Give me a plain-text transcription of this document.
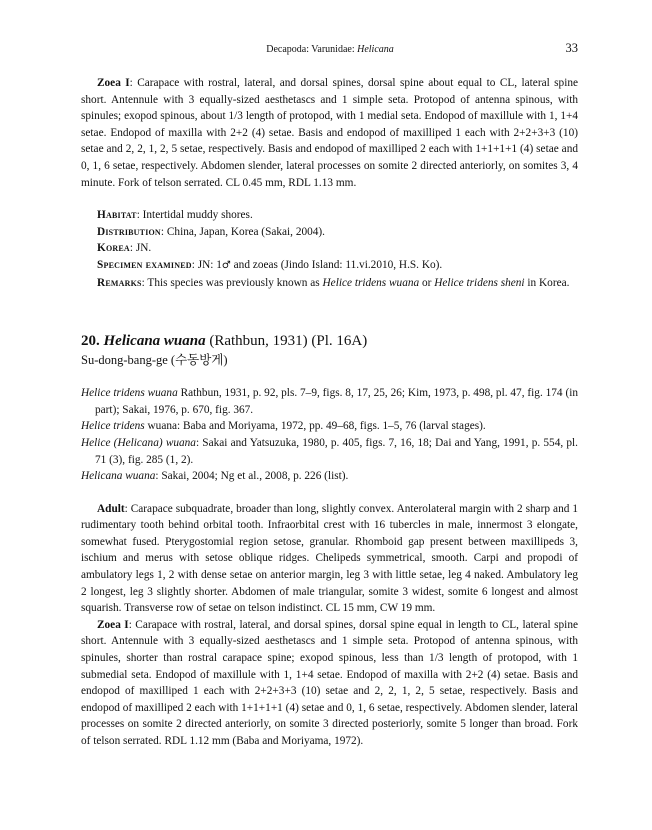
Decapoda: Varunidae: Helicana	33

Zoea I: Carapace with rostral, lateral, and dorsal spines, dorsal spine about equal to CL, lateral spine short. Antennule with 3 equally-sized aesthetascs and 1 simple seta. Protopod of antenna spinous, with spinules; exopod spinous, about 1/3 length of protopod, with 1 medial seta. Endopod of maxillule with 1, 1+4 setae. Endopod of maxilla with 2+2 (4) setae. Basis and endopod of maxilliped 1 each with 2+2+3+3 (10) setae and 2, 2, 1, 2, 5 setae, respectively. Basis and endopod of maxilliped 2 each with 1+1+1+1 (4) setae and 0, 1, 6 setae, respectively. Abdomen slender, lateral processes on somite 2 directed anteriorly, on somites 3, 4 minute. Fork of telson serrated. CL 0.45 mm, RDL 1.13 mm.

Habitat: Intertidal muddy shores.

Distribution: China, Japan, Korea (Sakai, 2004).

Korea: JN.

Specimen examined: JN: 1♂ and zoeas (Jindo Island: 11.vi.2010, H.S. Ko).

Remarks: This species was previously known as Helice tridens wuana or Helice tridens sheni in Korea.

20. Helicana wuana (Rathbun, 1931) (Pl. 16A)

Su-dong-bang-ge (수동방게)

Helice tridens wuana Rathbun, 1931, p. 92, pls. 7–9, figs. 8, 17, 25, 26; Kim, 1973, p. 498, pl. 47, fig. 174 (in part); Sakai, 1976, p. 670, fig. 367.

Helice tridens wuana: Baba and Moriyama, 1972, pp. 49–68, figs. 1–5, 76 (larval stages).

Helice (Helicana) wuana: Sakai and Yatsuzuka, 1980, p. 405, figs. 7, 16, 18; Dai and Yang, 1991, p. 554, pl. 71 (3), fig. 285 (1, 2).

Helicana wuana: Sakai, 2004; Ng et al., 2008, p. 226 (list).

Adult: Carapace subquadrate, broader than long, slightly convex. Anterolateral margin with 2 sharp and 1 rudimentary tooth behind orbital tooth. Infraorbital crest with 16 tubercles in male, innermost 3 elongate, somewhat fused. Pterygostomial region setose, granular. Rhomboid gap present between maxillipeds 3, ischium and merus with setose oblique ridges. Chelipeds symmetrical, smooth. Carpi and propodi of ambulatory legs 1, 2 with dense setae on anterior margin, leg 3 with little setae, leg 4 naked. Ambulatory leg 2 longest, leg 3 slightly shorter. Abdomen of male triangular, somite 3 widest, somite 6 longest and almost squarish. Transverse row of setae on telson indistinct. CL 15 mm, CW 19 mm.

Zoea I: Carapace with rostral, lateral, and dorsal spines, dorsal spine equal in length to CL, lateral spine short. Antennule with 3 equally-sized aesthetascs and 1 simple seta. Protopod of antenna spinous, with spinules, shorter than rostral carapace spine; exopod spinous, less than 1/3 length of protopod, with 1 submedial seta. Endopod of maxillule with 1, 1+4 setae. Endopod of maxilla with 2+2 (4) setae. Basis and endopod of maxilliped 1 each with 2+2+3+3 (10) setae and 2, 2, 1, 2, 5 setae, respectively. Basis and endopod of maxilliped 2 each with 1+1+1+1 (4) setae and 0, 1, 6 setae, respectively. Abdomen slender, lateral processes on somite 2 directed anteriorly, on somite 3 directed posteriorly, somite 5 longer than broad. Fork of telson serrated. RDL 1.12 mm (Baba and Moriyama, 1972).
